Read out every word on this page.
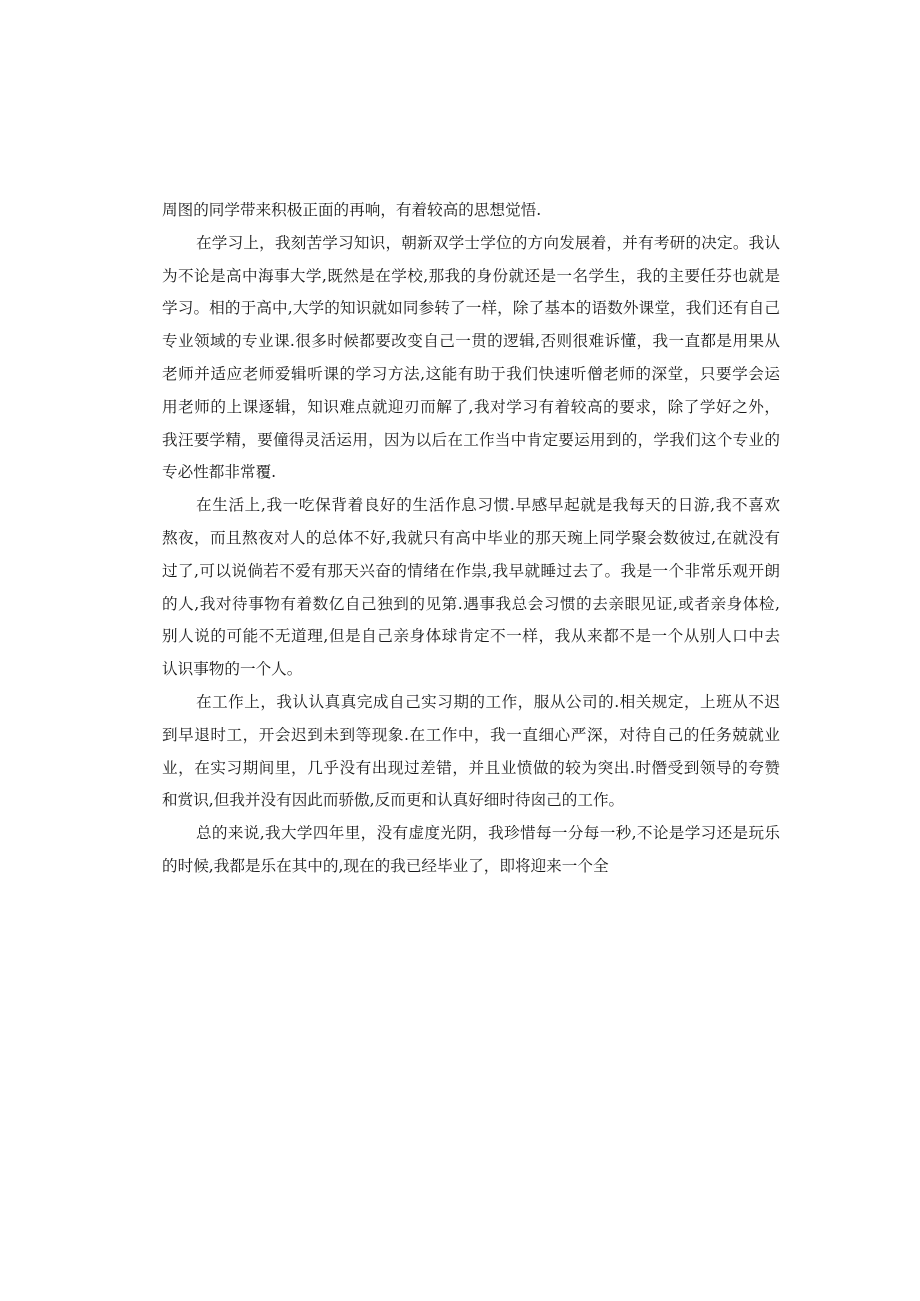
周图的同学带来积极正面的再响，有着较高的思想觉悟.
在学习上，我刻苦学习知识，朝新双学士学位的方向发展着，并有考研的决定。我认
为不论是高中海事大学,既然是在学校,那我的身份就还是一名学生，我的主要任芬也就是
学习。相的于高中,大学的知识就如同参转了一样，除了基本的语数外课堂，我们还有自己
专业领域的专业课.很多时候都要改变自己一贯的逻辑,否则很难诉懂，我一直都是用果从
老师并适应老师爱辑听课的学习方法,这能有助于我们快速听僧老师的深堂，只要学会运
用老师的上课逐辑，知识难点就迎刃而解了,我对学习有着较高的要求，除了学好之外，
我汪要学精，要僮得灵活运用，因为以后在工作当中肯定要运用到的，学我们这个专业的
专必性都非常覆.
在生活上,我一吃保背着良好的生活作息习惯.早感早起就是我每天的日游,我不喜欢
熬夜，而且熬夜对人的总体不好,我就只有高中毕业的那天琬上同学聚会数彼过,在就没有
过了,可以说倘若不爱有那天兴奋的情绪在作祟,我早就睡过去了。我是一个非常乐观开朗
的人,我对待事物有着数亿自己独到的见第.遇事我总会习惯的去亲眼见证,或者亲身体检,
别人说的可能不无道理,但是自己亲身体球肯定不一样，我从来都不是一个从别人口中去
认识事物的一个人。
在工作上，我认认真真完成自己实习期的工作，服从公司的.相关规定，上班从不迟
到早退时工，开会迟到未到等现象.在工作中，我一直细心严深，对待自己的任务兢就业
业，在实习期间里，几乎没有出现过差错，并且业愤做的较为突出.时僭受到领导的夸赞
和赏识,但我并没有因此而骄傲,反而更和认真好细时待囱己的工作。
总的来说,我大学四年里，没有虚度光阴，我珍惜每一分每一秒,不论是学习还是玩乐
的时候,我都是乐在其中的,现在的我已经毕业了，即将迎来一个全
